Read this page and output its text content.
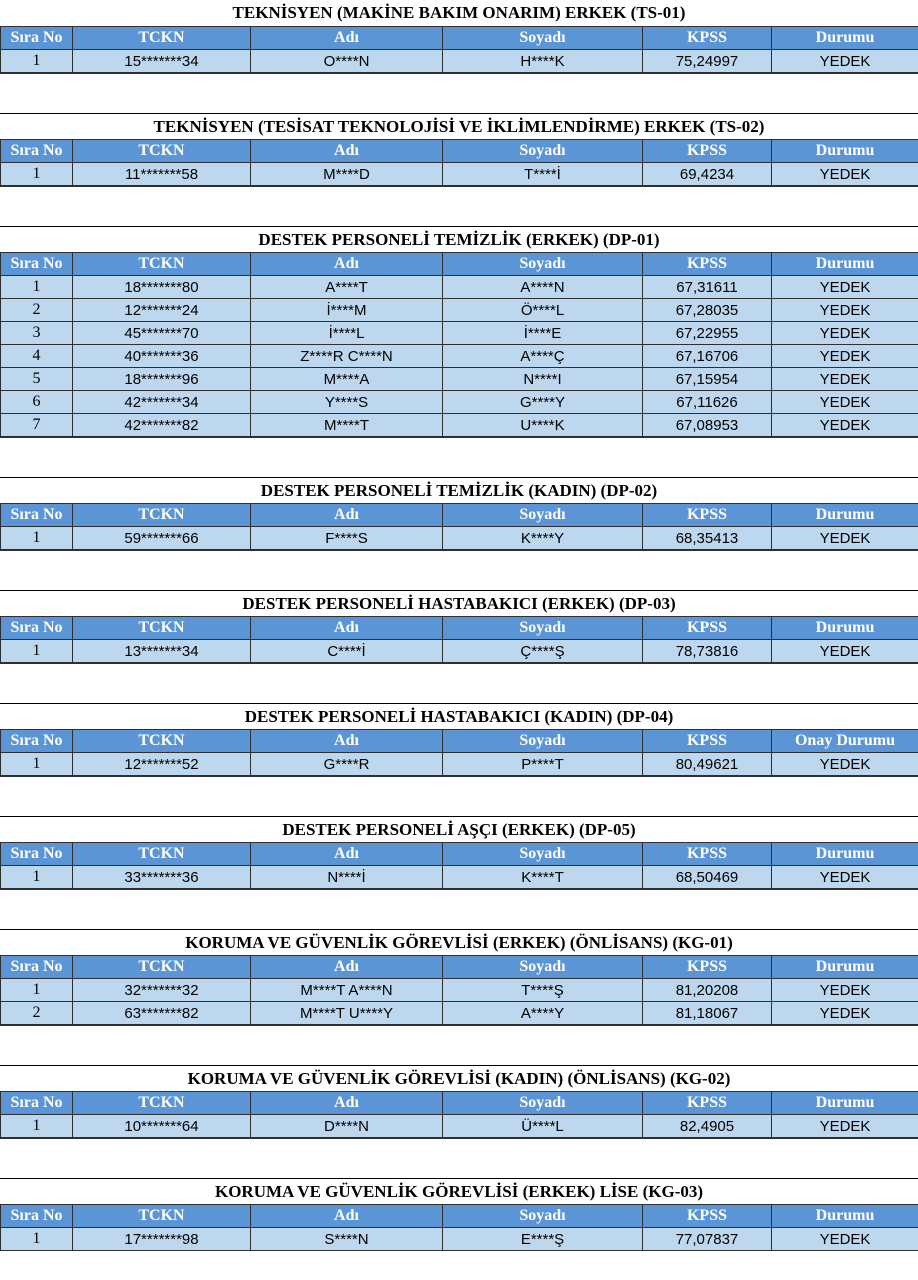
TEKNİSYEN (MAKİNE BAKIM ONARIM) ERKEK (TS-01)
Sıra No	TCKN	Adı	Soyadı	KPSS	Durumu
1	15*******34	O****N	H****K	75,24997	YEDEK
TEKNİSYEN (TESİSAT TEKNOLOJİSİ VE İKLİMLENDİRME) ERKEK (TS-02)
Sıra No	TCKN	Adı	Soyadı	KPSS	Durumu
1	11*******58	M****D	T****İ	69,4234	YEDEK
DESTEK PERSONELİ TEMİZLİK (ERKEK) (DP-01)
Sıra No	TCKN	Adı	Soyadı	KPSS	Durumu
1	18*******80	A****T	A****N	67,31611	YEDEK
2	12*******24	İ****M	Ö****L	67,28035	YEDEK
3	45*******70	İ****L	İ****E	67,22955	YEDEK
4	40*******36	Z****R C****N	A****Ç	67,16706	YEDEK
5	18*******96	M****A	N****I	67,15954	YEDEK
6	42*******34	Y****S	G****Y	67,11626	YEDEK
7	42*******82	M****T	U****K	67,08953	YEDEK
DESTEK PERSONELİ TEMİZLİK (KADIN) (DP-02)
Sıra No	TCKN	Adı	Soyadı	KPSS	Durumu
1	59*******66	F****S	K****Y	68,35413	YEDEK
DESTEK PERSONELİ HASTABAKICI (ERKEK) (DP-03)
Sıra No	TCKN	Adı	Soyadı	KPSS	Durumu
1	13*******34	C****İ	Ç****Ş	78,73816	YEDEK
DESTEK PERSONELİ HASTABAKICI (KADIN) (DP-04)
Sıra No	TCKN	Adı	Soyadı	KPSS	Onay Durumu
1	12*******52	G****R	P****T	80,49621	YEDEK
DESTEK PERSONELİ AŞÇI (ERKEK) (DP-05)
Sıra No	TCKN	Adı	Soyadı	KPSS	Durumu
1	33*******36	N****İ	K****T	68,50469	YEDEK
KORUMA VE GÜVENLİK GÖREVLİSİ (ERKEK) (ÖNLİSANS) (KG-01)
Sıra No	TCKN	Adı	Soyadı	KPSS	Durumu
1	32*******32	M****T A****N	T****Ş	81,20208	YEDEK
2	63*******82	M****T U****Y	A****Y	81,18067	YEDEK
KORUMA VE GÜVENLİK GÖREVLİSİ (KADIN) (ÖNLİSANS) (KG-02)
Sıra No	TCKN	Adı	Soyadı	KPSS	Durumu
1	10*******64	D****N	Ü****L	82,4905	YEDEK
KORUMA VE GÜVENLİK GÖREVLİSİ (ERKEK) LİSE (KG-03)
Sıra No	TCKN	Adı	Soyadı	KPSS	Durumu
1	17*******98	S****N	E****Ş	77,07837	YEDEK
